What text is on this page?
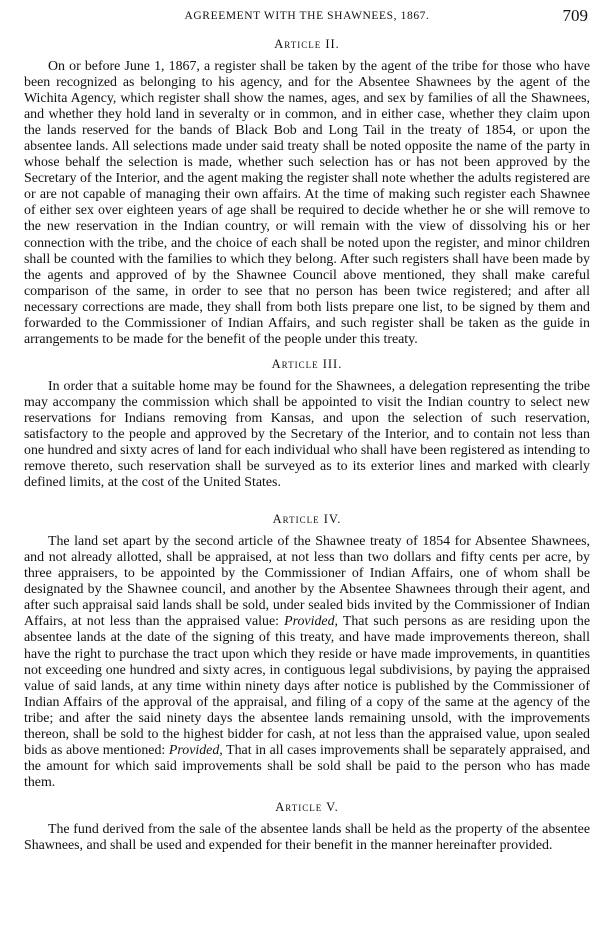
AGREEMENT WITH THE SHAWNEES, 1867.	709
Article II.

On or before June 1, 1867, a register shall be taken by the agent of the tribe for those who have been recognized as belonging to his agency, and for the Absentee Shawnees by the agent of the Wichita Agency, which register shall show the names, ages, and sex by families of all the Shawnees, and whether they hold land in severalty or in common, and in either case, whether they claim upon the lands reserved for the bands of Black Bob and Long Tail in the treaty of 1854, or upon the absentee lands. All selections made under said treaty shall be noted opposite the name of the party in whose behalf the selection is made, whether such selection has or has not been approved by the Secretary of the Interior, and the agent making the register shall note whether the adults registered are or are not capable of managing their own affairs. At the time of making such register each Shawnee of either sex over eighteen years of age shall be required to decide whether he or she will remove to the new reservation in the Indian country, or will remain with the view of dissolving his or her connection with the tribe, and the choice of each shall be noted upon the register, and minor children shall be counted with the families to which they belong. After such registers shall have been made by the agents and approved of by the Shawnee Council above mentioned, they shall make careful comparison of the same, in order to see that no person has been twice registered; and after all necessary corrections are made, they shall from both lists prepare one list, to be signed by them and forwarded to the Commissioner of Indian Affairs, and such register shall be taken as the guide in arrangements to be made for the benefit of the people under this treaty.

Article III.

In order that a suitable home may be found for the Shawnees, a delegation representing the tribe may accompany the commission which shall be appointed to visit the Indian country to select new reservations for Indians removing from Kansas, and upon the selection of such reservation, satisfactory to the people and approved by the Secretary of the Interior, and to contain not less than one hundred and sixty acres of land for each individual who shall have been registered as intending to remove thereto, such reservation shall be surveyed as to its exterior lines and marked with clearly defined limits, at the cost of the United States.

Article IV.

The land set apart by the second article of the Shawnee treaty of 1854 for Absentee Shawnees, and not already allotted, shall be appraised, at not less than two dollars and fifty cents per acre, by three appraisers, to be appointed by the Commissioner of Indian Affairs, one of whom shall be designated by the Shawnee council, and another by the Absentee Shawnees through their agent, and after such appraisal said lands shall be sold, under sealed bids invited by the Commissioner of Indian Affairs, at not less than the appraised value: Provided, That such persons as are residing upon the absentee lands at the date of the signing of this treaty, and have made improvements thereon, shall have the right to purchase the tract upon which they reside or have made improvements, in quantities not exceeding one hundred and sixty acres, in contiguous legal subdivisions, by paying the appraised value of said lands, at any time within ninety days after notice is published by the Commissioner of Indian Affairs of the approval of the appraisal, and filing of a copy of the same at the agency of the tribe; and after the said ninety days the absentee lands remaining unsold, with the improvements thereon, shall be sold to the highest bidder for cash, at not less than the appraised value, upon sealed bids as above mentioned: Provided, That in all cases improvements shall be separately appraised, and the amount for which said improvements shall be sold shall be paid to the person who has made them.

Article V.

The fund derived from the sale of the absentee lands shall be held as the property of the absentee Shawnees, and shall be used and expended for their benefit in the manner hereinafter provided.
